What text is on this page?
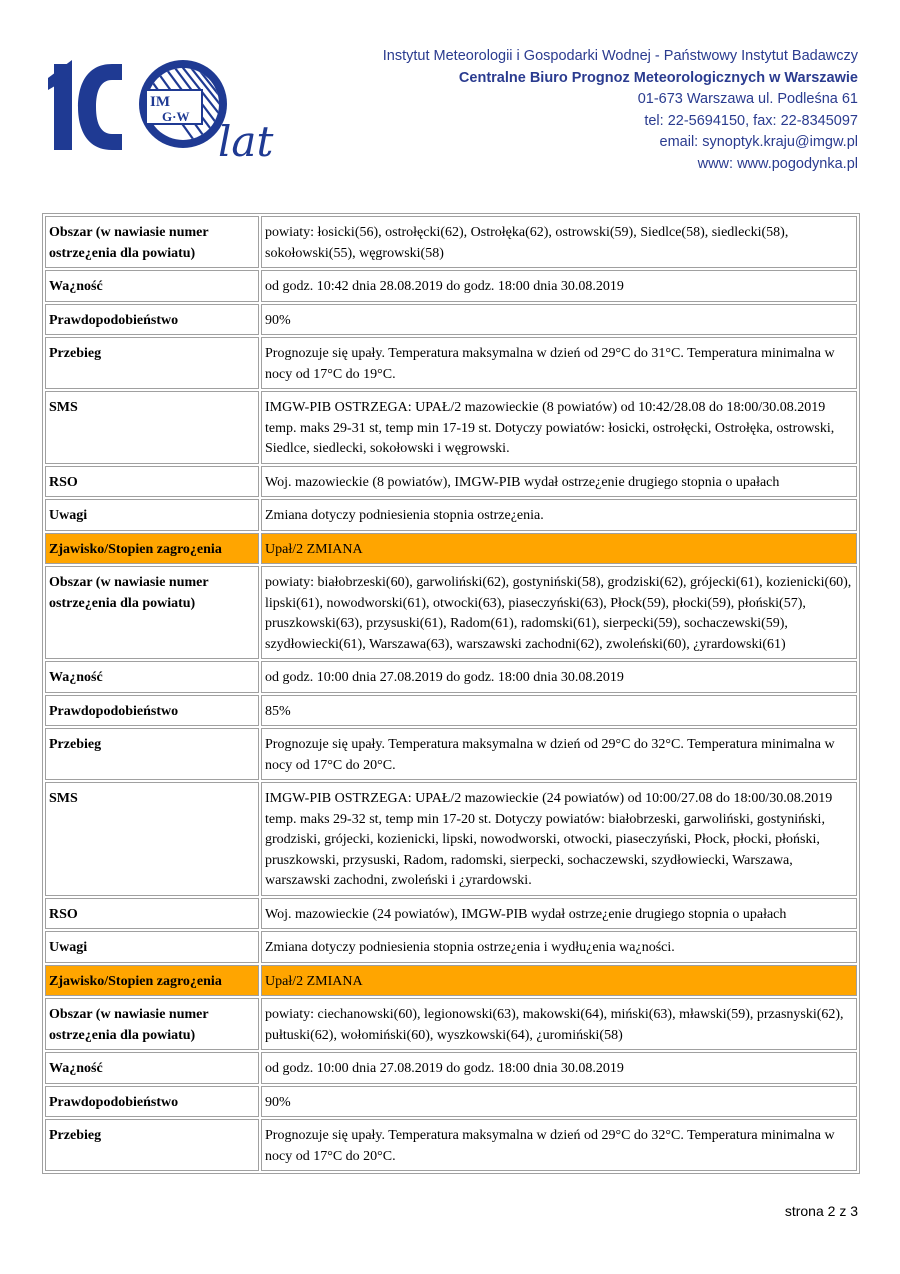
IM
G·W
lat
Instytut Meteorologii i Gospodarki Wodnej - Państwowy Instytut Badawczy
Centralne Biuro Prognoz Meteorologicznych w Warszawie
01-673 Warszawa ul. Podleśna 61
tel: 22-5694150, fax: 22-8345097
email: synoptyk.kraju@imgw.pl
www: www.pogodynka.pl
Obszar (w nawiasie numer ostrze¿enia dla powiatu)	powiaty: łosicki(56), ostrołęcki(62), Ostrołęka(62), ostrowski(59), Siedlce(58), siedlecki(58), sokołowski(55), węgrowski(58)
Wa¿ność	od godz. 10:42 dnia 28.08.2019 do godz. 18:00 dnia 30.08.2019
Prawdopodobieństwo	90%
Przebieg	Prognozuje się upały. Temperatura maksymalna w dzień od 29°C do 31°C. Temperatura minimalna w nocy od 17°C do 19°C.
SMS	IMGW-PIB OSTRZEGA: UPAŁ/2 mazowieckie (8 powiatów) od 10:42/28.08 do 18:00/30.08.2019 temp. maks 29-31 st, temp min 17-19 st. Dotyczy powiatów: łosicki, ostrołęcki, Ostrołęka, ostrowski, Siedlce, siedlecki, sokołowski i węgrowski.
RSO	Woj. mazowieckie (8 powiatów), IMGW-PIB wydał ostrze¿enie drugiego stopnia o upałach
Uwagi	Zmiana dotyczy podniesienia stopnia ostrze¿enia.
Zjawisko/Stopien zagro¿enia	Upał/2 ZMIANA
Obszar (w nawiasie numer ostrze¿enia dla powiatu)	powiaty: białobrzeski(60), garwoliński(62), gostyniński(58), grodziski(62), grójecki(61), kozienicki(60), lipski(61), nowodworski(61), otwocki(63), piaseczyński(63), Płock(59), płocki(59), płoński(57), pruszkowski(63), przysuski(61), Radom(61), radomski(61), sierpecki(59), sochaczewski(59), szydłowiecki(61), Warszawa(63), warszawski zachodni(62), zwoleński(60), ¿yrardowski(61)
Wa¿ność	od godz. 10:00 dnia 27.08.2019 do godz. 18:00 dnia 30.08.2019
Prawdopodobieństwo	85%
Przebieg	Prognozuje się upały. Temperatura maksymalna w dzień od 29°C do 32°C. Temperatura minimalna w nocy od 17°C do 20°C.
SMS	IMGW-PIB OSTRZEGA: UPAŁ/2 mazowieckie (24 powiatów) od 10:00/27.08 do 18:00/30.08.2019 temp. maks 29-32 st, temp min 17-20 st. Dotyczy powiatów: białobrzeski, garwoliński, gostyniński, grodziski, grójecki, kozienicki, lipski, nowodworski, otwocki, piaseczyński, Płock, płocki, płoński, pruszkowski, przysuski, Radom, radomski, sierpecki, sochaczewski, szydłowiecki, Warszawa, warszawski zachodni, zwoleński i ¿yrardowski.
RSO	Woj. mazowieckie (24 powiatów), IMGW-PIB wydał ostrze¿enie drugiego stopnia o upałach
Uwagi	Zmiana dotyczy podniesienia stopnia ostrze¿enia i wydłu¿enia wa¿ności.
Zjawisko/Stopien zagro¿enia	Upał/2 ZMIANA
Obszar (w nawiasie numer ostrze¿enia dla powiatu)	powiaty: ciechanowski(60), legionowski(63), makowski(64), miński(63), mławski(59), przasnyski(62), pułtuski(62), wołomiński(60), wyszkowski(64), ¿uromiński(58)
Wa¿ność	od godz. 10:00 dnia 27.08.2019 do godz. 18:00 dnia 30.08.2019
Prawdopodobieństwo	90%
Przebieg	Prognozuje się upały. Temperatura maksymalna w dzień od 29°C do 32°C. Temperatura minimalna w nocy od 17°C do 20°C.
strona 2 z 3
